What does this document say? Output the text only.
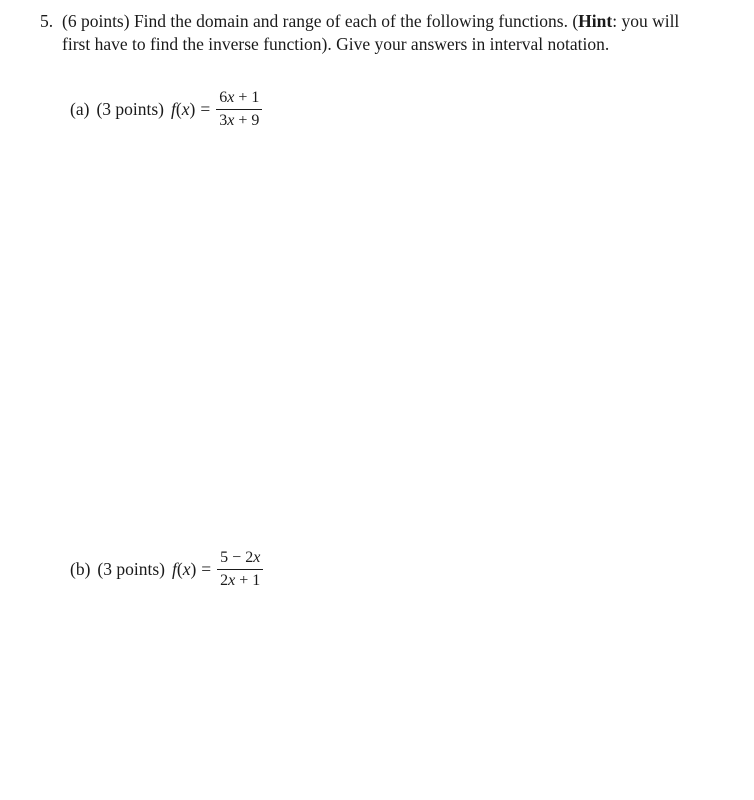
5. (6 points) Find the domain and range of each of the following functions. (Hint: you will first have to find the inverse function). Give your answers in interval notation.
(a) (3 points) $f(x) = \frac{6x + 1}{3x + 9}$
(b) (3 points) $f(x) = \frac{5 - 2x}{2x + 1}$
